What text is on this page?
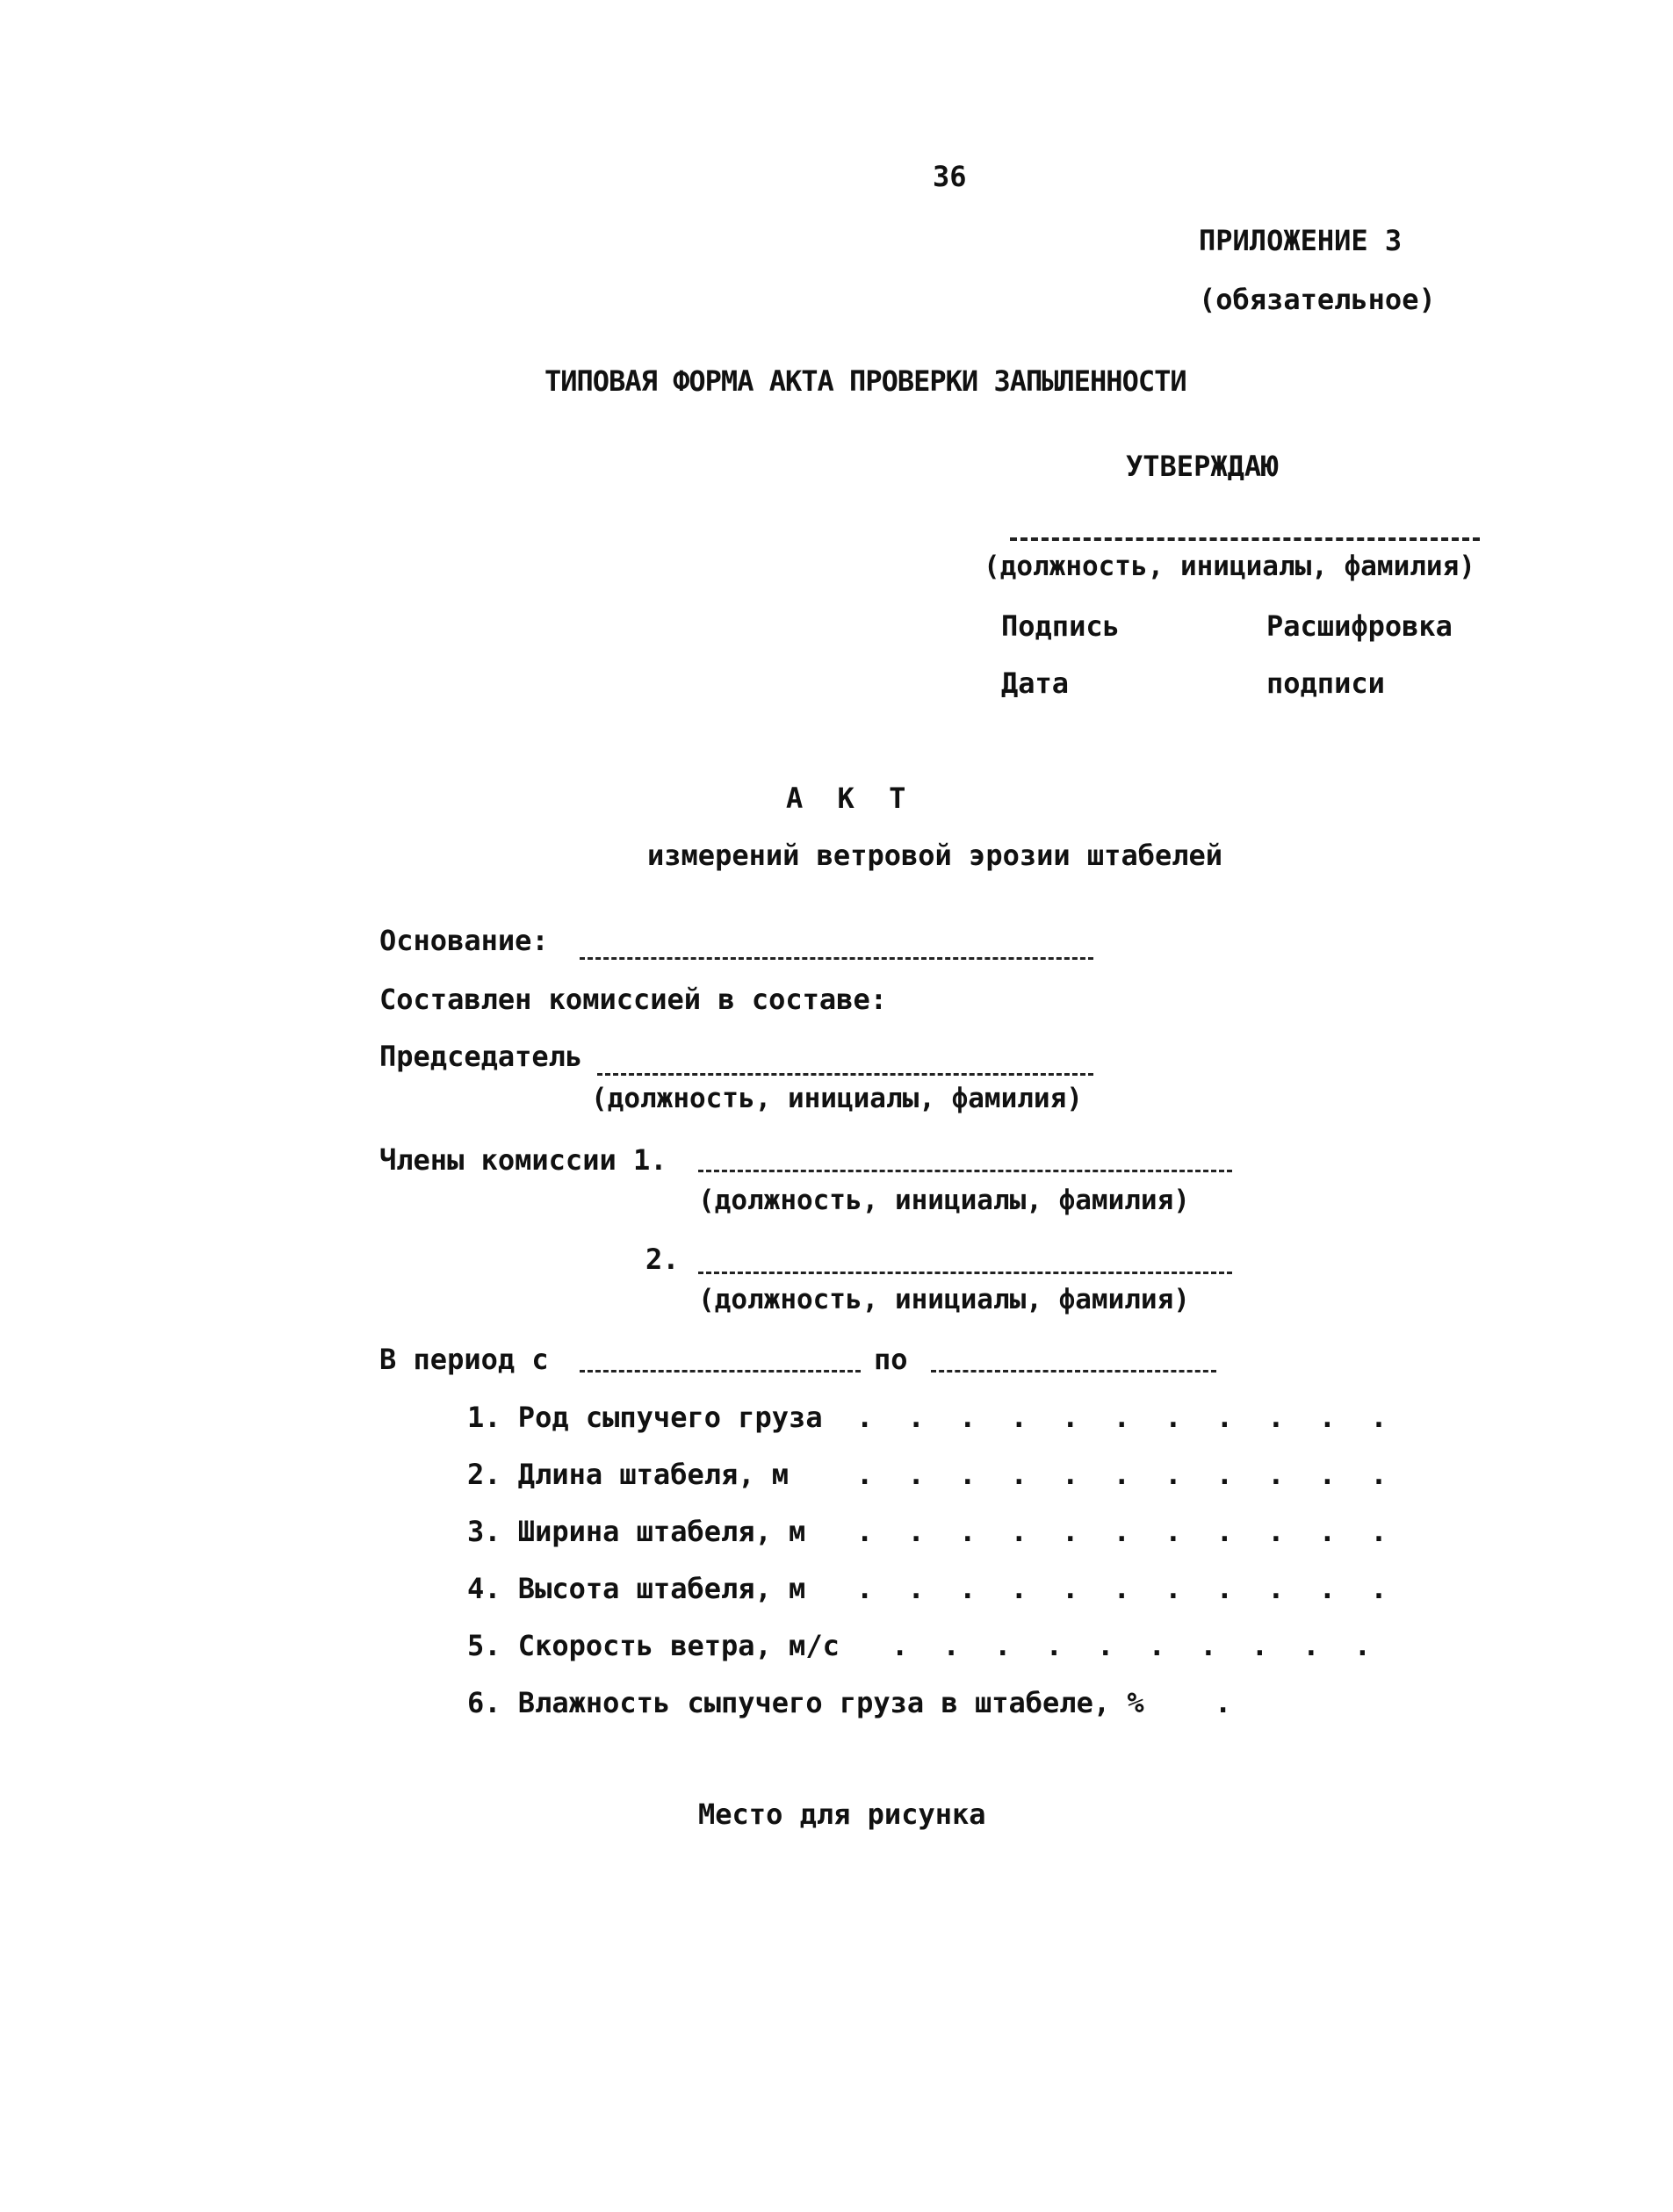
36
ПРИЛОЖЕНИЕ 3
(обязательное)
ТИПОВАЯ ФОРМА АКТА ПРОВЕРКИ ЗАПЫЛЕННОСТИ
УТВЕРЖДАЮ
(должность, инициалы, фамилия)
Подпись	Расшифровка
Дата	подписи
А К Т
измерений ветровой эрозии штабелей
Основание:
Составлен комиссией в составе:
Председатель
(должность, инициалы, фамилия)
Члены комиссии 1.
(должность, инициалы, фамилия)
2.
(должность, инициалы, фамилия)
В период с	по
1. Род сыпучего груза . . . . . . . . . . .
2. Длина штабеля, м . . . . . . . . . . .
3. Ширина штабеля, м . . . . . . . . . . .
4. Высота штабеля, м . . . . . . . . . . .
5. Скорость ветра, м/с . . . . . . . . . .
6. Влажность сыпучего груза в штабеле, %	.
Место для рисунка
